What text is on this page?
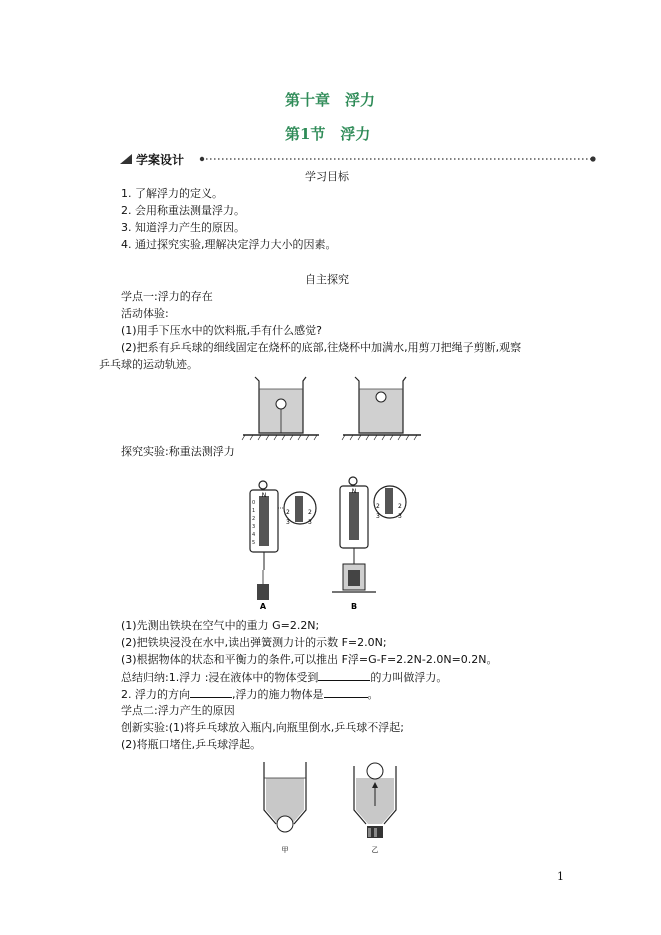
第十章　浮力
第1节　浮力
学案设计
学习目标
1. 了解浮力的定义。
2. 会用称重法测量浮力。
3. 知道浮力产生的原因。
4. 通过探究实验,理解决定浮力大小的因素。
自主探究
学点一:浮力的存在
活动体验:
(1)用手下压水中的饮料瓶,手有什么感觉?
(2)把系有乒乓球的细线固定在烧杯的底部,往烧杯中加满水,用剪刀把绳子剪断,观察
乒乓球的运动轨迹。
探究实验:称重法测浮力
N
0
1
2
3
4
5
2	2
3	3
N
2	2
3	3
A	B
(1)先测出铁块在空气中的重力 G=2.2N;
(2)把铁块浸没在水中,读出弹簧测力计的示数 F=2.0N;
(3)根据物体的状态和平衡力的条件,可以推出 F浮=G-F=2.2N-2.0N=0.2N。
总结归纳:1.浮力 :浸在液体中的物体受到	的力叫做浮力。
2. 浮力的方向	,浮力的施力物体是	。
学点二:浮力产生的原因
创新实验:(1)将乒乓球放入瓶内,向瓶里倒水,乒乓球不浮起;
(2)将瓶口堵住,乒乓球浮起。
甲	乙
1
